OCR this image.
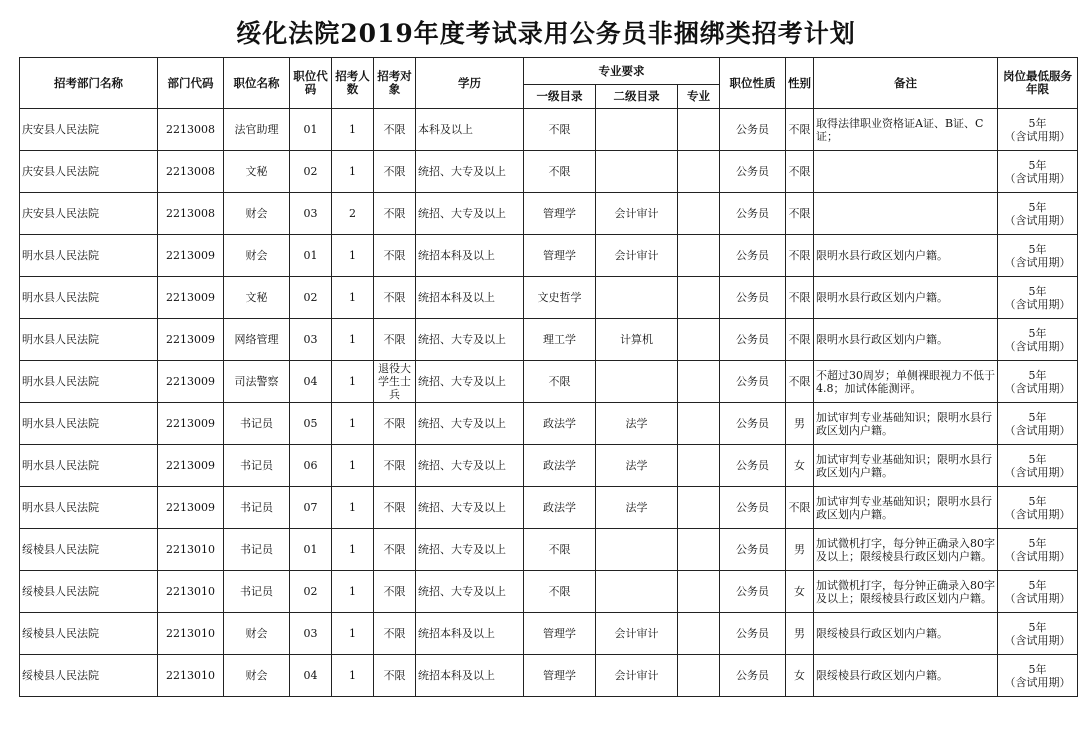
绥化法院2019年度考试录用公务员非捆绑类招考计划
招考部门名称	部门代码	职位名称	职位代码	招考人数	招考对象	学历	专业要求			职位性质	性别	备注	岗位最低服务年限
							一级目录	二级目录	专业				
庆安县人民法院	2213008	法官助理	01	1	不限	本科及以上	不限			公务员	不限	取得法律职业资格证A证、B证、C证；	5年
（含试用期）

庆安县人民法院	2213008	文秘	02	1	不限	统招、大专及以上	不限			公务员	不限		5年
（含试用期）

庆安县人民法院	2213008	财会	03	2	不限	统招、大专及以上	管理学	会计审计		公务员	不限		5年
（含试用期）

明水县人民法院	2213009	财会	01	1	不限	统招本科及以上	管理学	会计审计		公务员	不限	限明水县行政区划内户籍。	5年
（含试用期）

明水县人民法院	2213009	文秘	02	1	不限	统招本科及以上	文史哲学			公务员	不限	限明水县行政区划内户籍。	5年
（含试用期）

明水县人民法院	2213009	网络管理	03	1	不限	统招、大专及以上	理工学	计算机		公务员	不限	限明水县行政区划内户籍。	5年
（含试用期）

明水县人民法院	2213009	司法警察	04	1	退役大学生士兵	统招、大专及以上	不限			公务员	不限	不超过30周岁；单侧裸眼视力不低于4.8；加试体能测评。	5年
（含试用期）

明水县人民法院	2213009	书记员	05	1	不限	统招、大专及以上	政法学	法学		公务员	男	加试审判专业基础知识；限明水县行政区划内户籍。	5年
（含试用期）

明水县人民法院	2213009	书记员	06	1	不限	统招、大专及以上	政法学	法学		公务员	女	加试审判专业基础知识；限明水县行政区划内户籍。	5年
（含试用期）

明水县人民法院	2213009	书记员	07	1	不限	统招、大专及以上	政法学	法学		公务员	不限	加试审判专业基础知识；限明水县行政区划内户籍。	5年
（含试用期）

绥棱县人民法院	2213010	书记员	01	1	不限	统招、大专及以上	不限			公务员	男	加试微机打字，每分钟正确录入80字及以上；限绥棱县行政区划内户籍。	5年
（含试用期）

绥棱县人民法院	2213010	书记员	02	1	不限	统招、大专及以上	不限			公务员	女	加试微机打字，每分钟正确录入80字及以上；限绥棱县行政区划内户籍。	5年
（含试用期）

绥棱县人民法院	2213010	财会	03	1	不限	统招本科及以上	管理学	会计审计		公务员	男	限绥棱县行政区划内户籍。	5年
（含试用期）

绥棱县人民法院	2213010	财会	04	1	不限	统招本科及以上	管理学	会计审计		公务员	女	限绥棱县行政区划内户籍。	5年
（含试用期）
